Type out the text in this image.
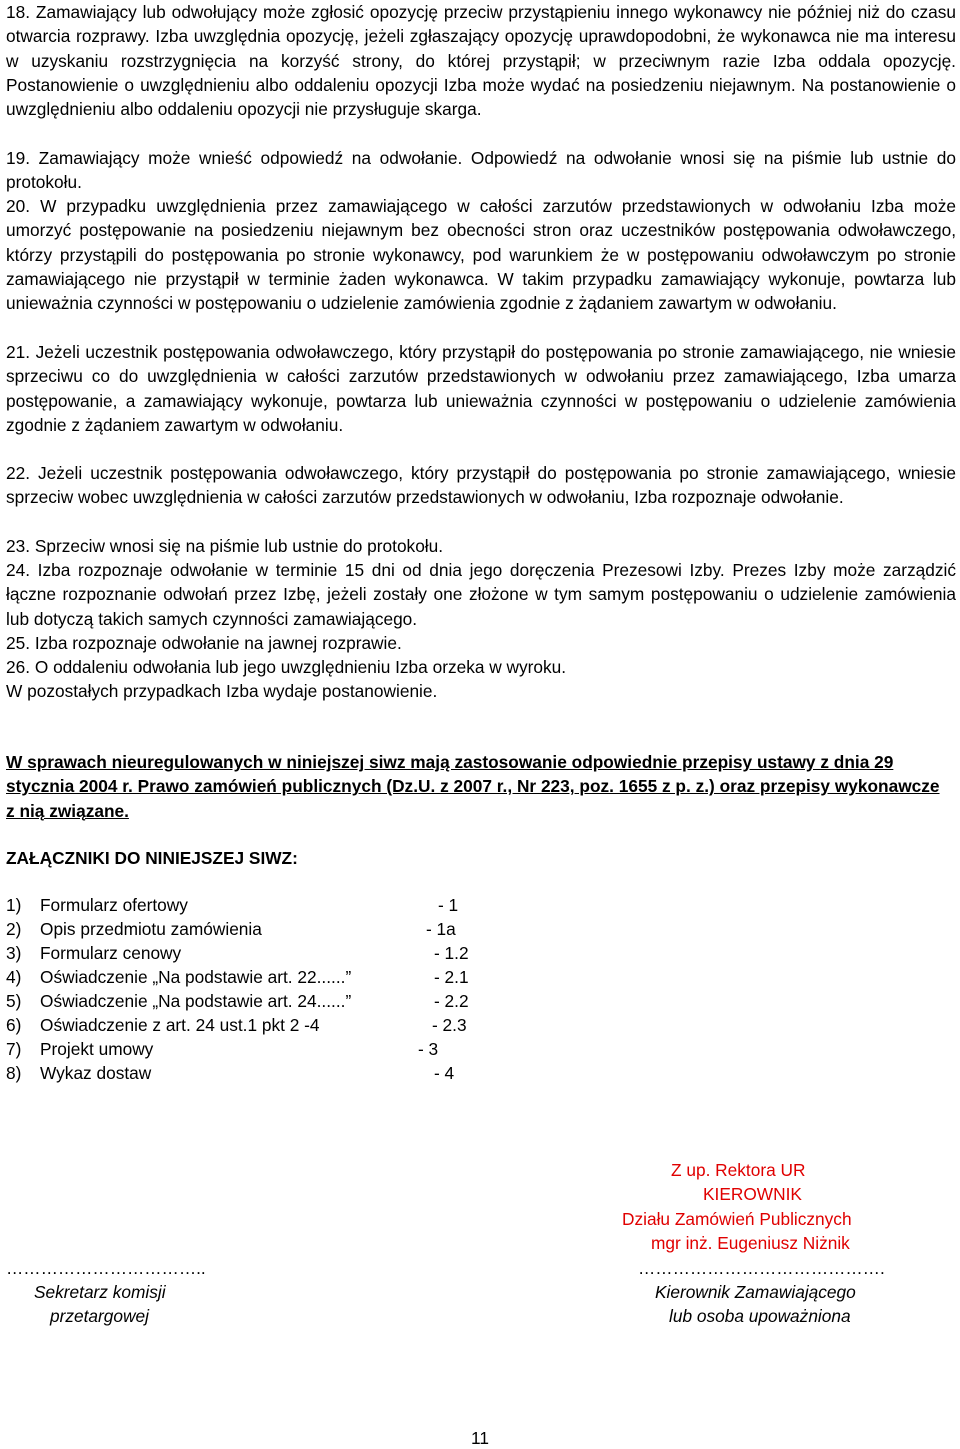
18. Zamawiający lub odwołujący może zgłosić opozycję przeciw przystąpieniu innego wykonawcy nie później niż do czasu otwarcia rozprawy. Izba uwzględnia opozycję, jeżeli zgłaszający opozycję uprawdopodobni, że wykonawca nie ma interesu w uzyskaniu rozstrzygnięcia na korzyść strony, do której przystąpił; w przeciwnym razie Izba oddala opozycję. Postanowienie o uwzględnieniu albo oddaleniu opozycji Izba może wydać na posiedzeniu niejawnym. Na postanowienie o uwzględnieniu albo oddaleniu opozycji nie przysługuje skarga.

19. Zamawiający może wnieść odpowiedź na odwołanie. Odpowiedź na odwołanie wnosi się na piśmie lub ustnie do protokołu.

20. W przypadku uwzględnienia przez zamawiającego w całości zarzutów przedstawionych w odwołaniu Izba może umorzyć postępowanie na posiedzeniu niejawnym bez obecności stron oraz uczestników postępowania odwoławczego, którzy przystąpili do postępowania po stronie wykonawcy, pod warunkiem że w postępowaniu odwoławczym po stronie zamawiającego nie przystąpił w terminie żaden wykonawca. W takim przypadku zamawiający wykonuje, powtarza lub unieważnia czynności w postępowaniu o udzielenie zamówienia zgodnie z żądaniem zawartym w odwołaniu.

21. Jeżeli uczestnik postępowania odwoławczego, który przystąpił do postępowania po stronie zamawiającego, nie wniesie sprzeciwu co do uwzględnienia w całości zarzutów przedstawionych w odwołaniu przez zamawiającego, Izba umarza postępowanie, a zamawiający wykonuje, powtarza lub unieważnia czynności w postępowaniu o udzielenie zamówienia zgodnie z żądaniem zawartym w odwołaniu.

22. Jeżeli uczestnik postępowania odwoławczego, który przystąpił do postępowania po stronie zamawiającego, wniesie sprzeciw wobec uwzględnienia w całości zarzutów przedstawionych w odwołaniu, Izba rozpoznaje odwołanie.

23. Sprzeciw wnosi się na piśmie lub ustnie do protokołu.

24. Izba rozpoznaje odwołanie w terminie 15 dni od dnia jego doręczenia Prezesowi Izby. Prezes Izby może zarządzić łączne rozpoznanie odwołań przez Izbę, jeżeli zostały one złożone w tym samym postępowaniu o udzielenie zamówienia lub dotyczą takich samych czynności zamawiającego.

25. Izba rozpoznaje odwołanie na jawnej rozprawie.

26. O oddaleniu odwołania lub jego uwzględnieniu Izba orzeka w wyroku.

W pozostałych przypadkach Izba wydaje postanowienie.

W sprawach nieuregulowanych w niniejszej siwz mają zastosowanie odpowiednie przepisy ustawy z dnia 29 stycznia 2004 r. Prawo zamówień publicznych (Dz.U. z 2007 r., Nr 223, poz. 1655 z p. z.) oraz przepisy wykonawcze z nią związane.

ZAŁĄCZNIKI DO NINIEJSZEJ SIWZ:

1) Formularz ofertowy	- 1
2) Opis przedmiotu zamówienia	- 1a
3) Formularz cenowy	- 1.2
4) Oświadczenie „Na podstawie art. 22......”	- 2.1
5) Oświadczenie „Na podstawie art. 24......”	- 2.2
6) Oświadczenie z art. 24 ust.1 pkt 2 -4	- 2.3
7) Projekt umowy	- 3
8) Wykaz dostaw	- 4
Z up. Rektora UR
KIEROWNIK
Działu Zamówień Publicznych
mgr inż. Eugeniusz Niżnik
……………………………..
Sekretarz komisji
przetargowej
…………………………………….
Kierownik Zamawiającego
lub osoba upoważniona
11
